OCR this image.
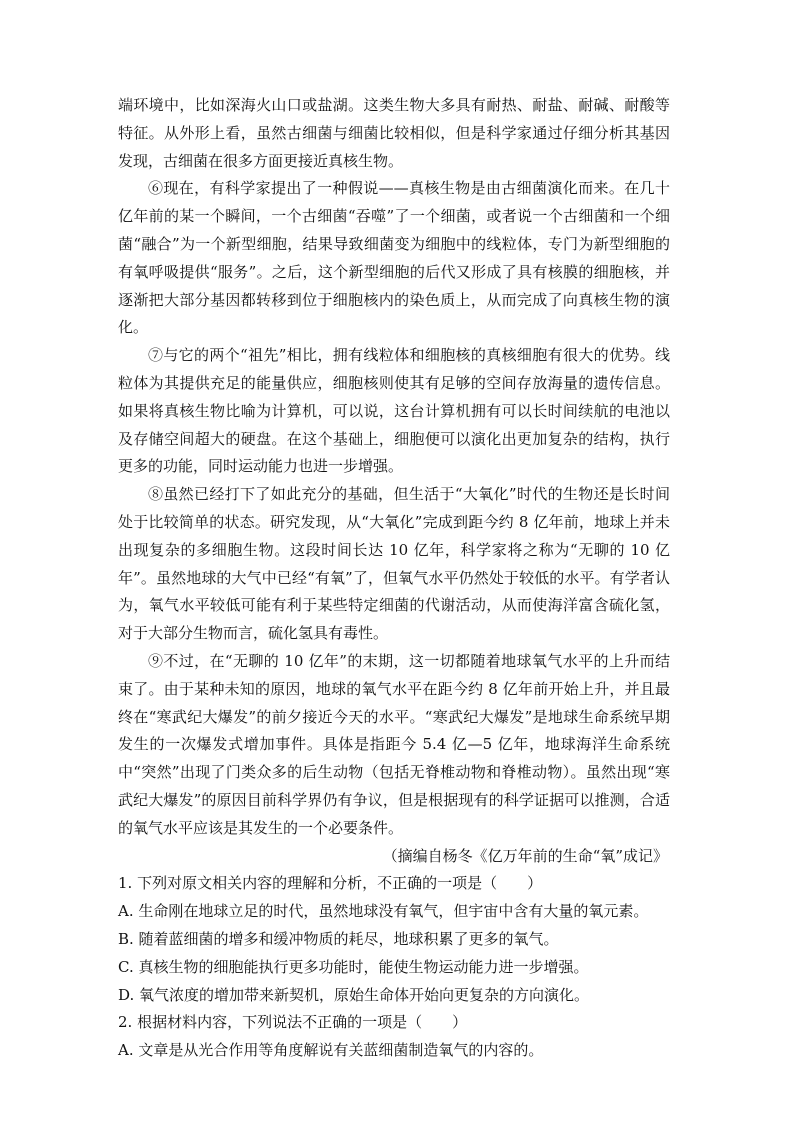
端环境中，比如深海火山口或盐湖。这类生物大多具有耐热、耐盐、耐碱、耐酸等特征。从外形上看，虽然古细菌与细菌比较相似，但是科学家通过仔细分析其基因发现，古细菌在很多方面更接近真核生物。

⑥现在，有科学家提出了一种假说——真核生物是由古细菌演化而来。在几十亿年前的某一个瞬间，一个古细菌“吞噬”了一个细菌，或者说一个古细菌和一个细菌“融合”为一个新型细胞，结果导致细菌变为细胞中的线粒体，专门为新型细胞的有氧呼吸提供“服务”。之后，这个新型细胞的后代又形成了具有核膜的细胞核，并逐渐把大部分基因都转移到位于细胞核内的染色质上，从而完成了向真核生物的演化。

⑦与它的两个“祖先”相比，拥有线粒体和细胞核的真核细胞有很大的优势。线粒体为其提供充足的能量供应，细胞核则使其有足够的空间存放海量的遗传信息。如果将真核生物比喻为计算机，可以说，这台计算机拥有可以长时间续航的电池以及存储空间超大的硬盘。在这个基础上，细胞便可以演化出更加复杂的结构，执行更多的功能，同时运动能力也进一步增强。

⑧虽然已经打下了如此充分的基础，但生活于“大氧化”时代的生物还是长时间处于比较简单的状态。研究发现，从“大氧化”完成到距今约 8 亿年前，地球上并未出现复杂的多细胞生物。这段时间长达 10 亿年，科学家将之称为“无聊的 10 亿年”。虽然地球的大气中已经“有氧”了，但氧气水平仍然处于较低的水平。有学者认为，氧气水平较低可能有利于某些特定细菌的代谢活动，从而使海洋富含硫化氢，对于大部分生物而言，硫化氢具有毒性。

⑨不过，在“无聊的 10 亿年”的末期，这一切都随着地球氧气水平的上升而结束了。由于某种未知的原因，地球的氧气水平在距今约 8 亿年前开始上升，并且最终在“寒武纪大爆发”的前夕接近今天的水平。“寒武纪大爆发”是地球生命系统早期发生的一次爆发式增加事件。具体是指距今 5.4 亿—5 亿年，地球海洋生命系统中“突然”出现了门类众多的后生动物（包括无脊椎动物和脊椎动物）。虽然出现“寒武纪大爆发”的原因目前科学界仍有争议，但是根据现有的科学证据可以推测，合适的氧气水平应该是其发生的一个必要条件。

（摘编自杨冬《亿万年前的生命“氧”成记》

1. 下列对原文相关内容的理解和分析，不正确的一项是（　　）

A. 生命刚在地球立足的时代，虽然地球没有氧气，但宇宙中含有大量的氧元素。

B. 随着蓝细菌的增多和缓冲物质的耗尽，地球积累了更多的氧气。

C. 真核生物的细胞能执行更多功能时，能使生物运动能力进一步增强。

D. 氧气浓度的增加带来新契机，原始生命体开始向更复杂的方向演化。

2. 根据材料内容，下列说法不正确的一项是（　　）

A. 文章是从光合作用等角度解说有关蓝细菌制造氧气的内容的。
